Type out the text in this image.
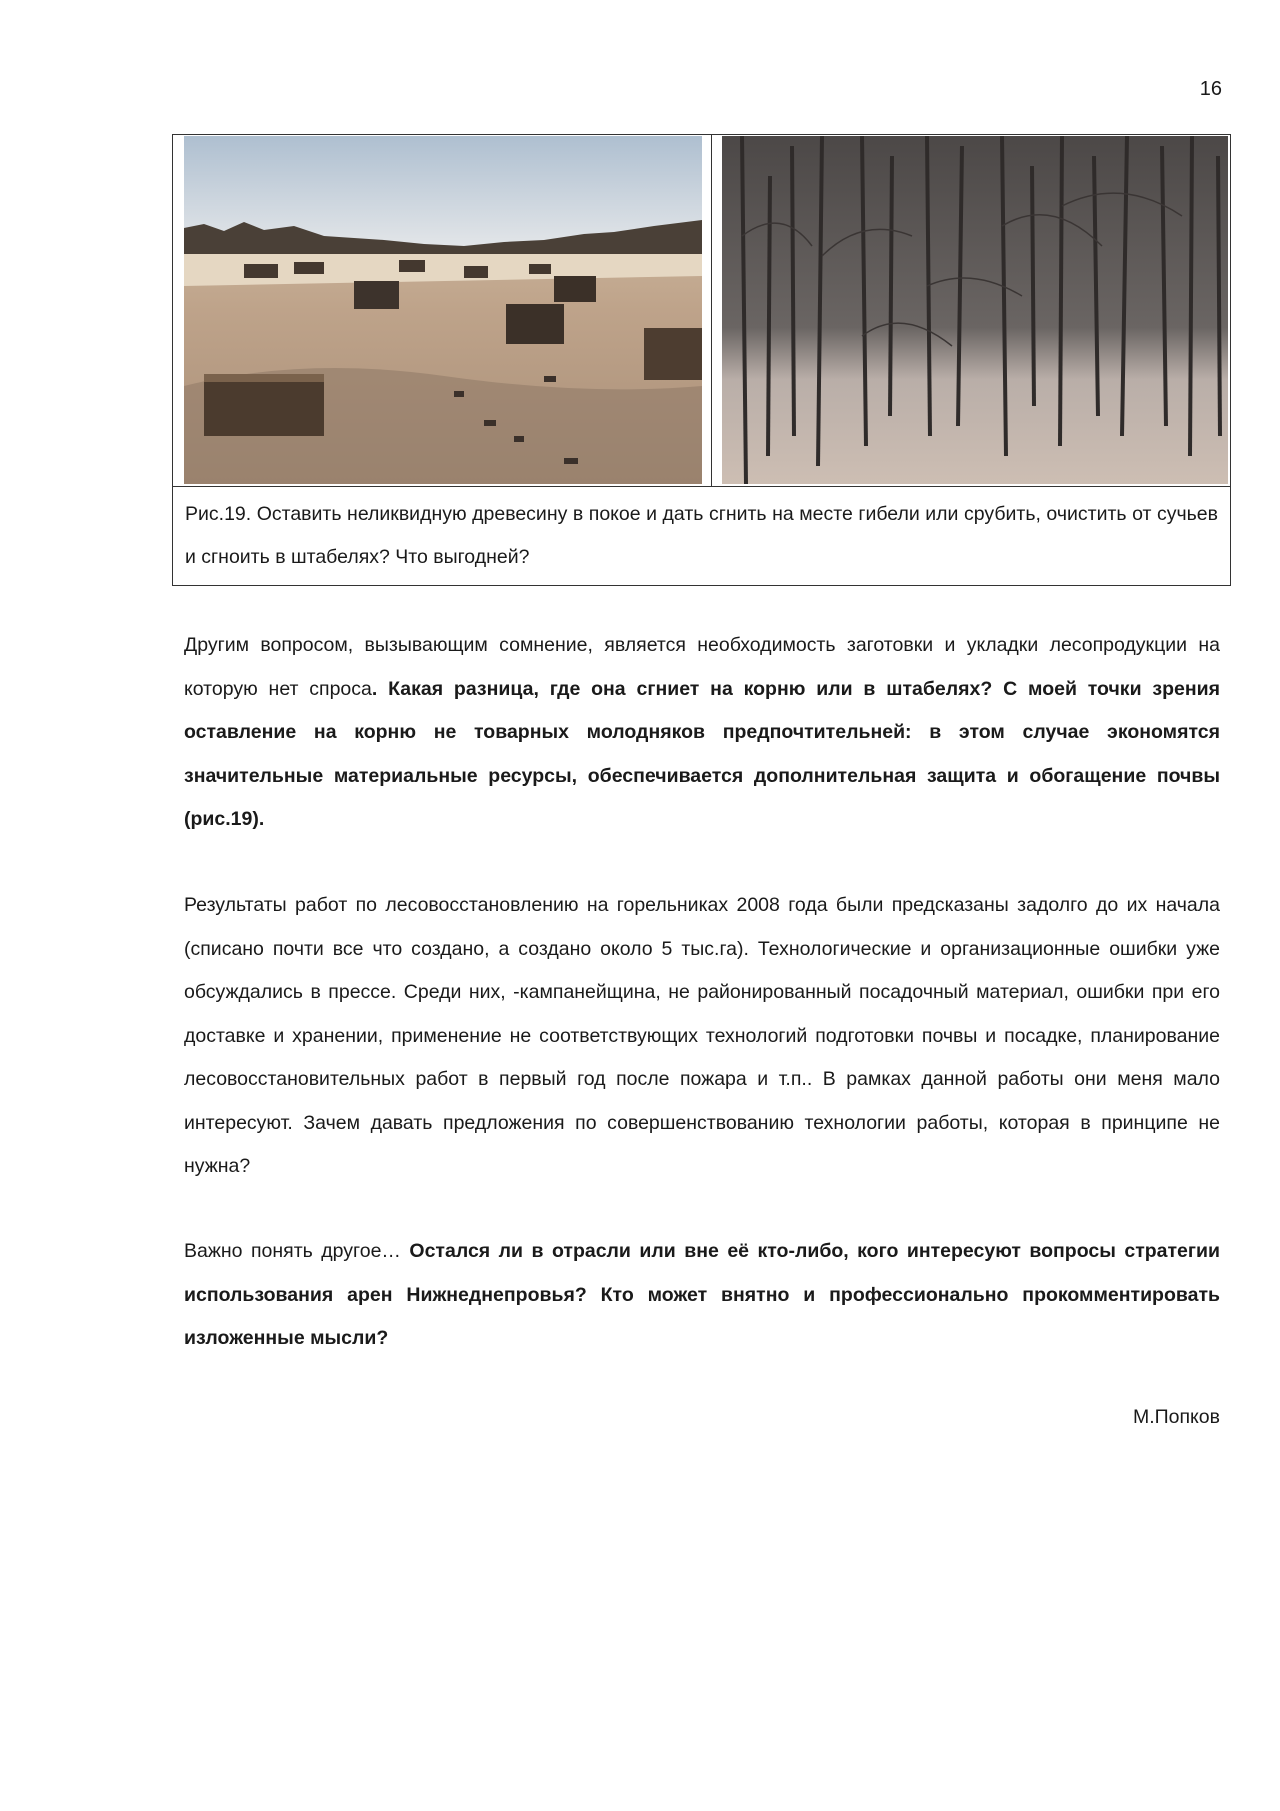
16
Рис.19. Оставить неликвидную древесину в покое и дать сгнить на месте гибели или срубить, очистить от сучьев и сгноить в штабелях? Что выгодней?

Другим вопросом, вызывающим сомнение, является необходимость заготовки и укладки лесопродукции на которую нет спроса. Какая разница, где она сгниет на корню или в штабелях? С моей точки зрения оставление на корню не товарных молодняков предпочтительней: в этом случае экономятся значительные материальные ресурсы, обеспечивается дополнительная защита и обогащение почвы (рис.19).

Результаты работ по лесовосстановлению на горельниках 2008 года были предсказаны задолго до их начала (списано почти все что создано, а создано около 5 тыс.га). Технологические и организационные ошибки уже обсуждались в прессе. Среди них, -кампанейщина, не районированный посадочный материал, ошибки при его доставке и хранении, применение не соответствующих технологий подготовки почвы и посадке, планирование лесовосстановительных работ в первый год после пожара и т.п.. В рамках данной работы они меня мало интересуют. Зачем давать предложения по совершенствованию технологии работы, которая в принципе не нужна?

Важно понять другое… Остался ли в отрасли или вне её кто-либо, кого интересуют вопросы стратегии использования арен Нижнеднепровья? Кто может внятно и профессионально прокомментировать изложенные мысли?

М.Попков
